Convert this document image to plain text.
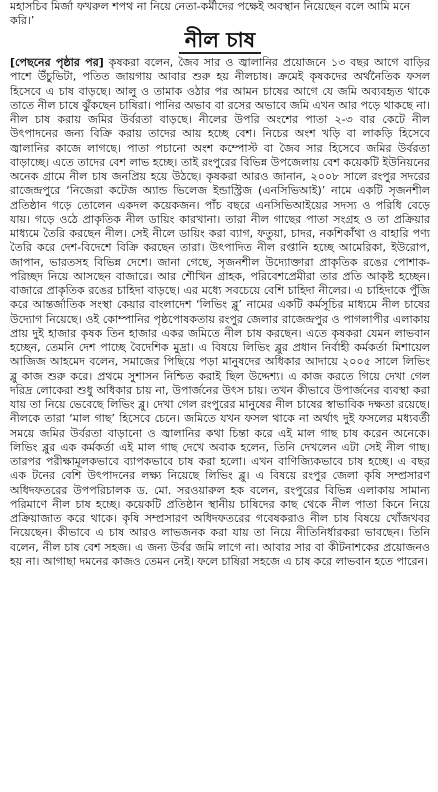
মহাসচিব মির্জা ফখরুল শপথ না নিয়ে নেতা-কর্মীদের পক্ষেই অবস্থান নিয়েছেন বলে আমি মনে করি।’

নীল চাষ

[পেছনের পৃষ্ঠার পর] কৃষকরা বলেন, জৈব সার ও জ্বালানির প্রয়োজনে ১৩ বছর আগে বাড়ির পাশে উঁচুভিটা, পতিত জায়গায় আবার শুরু হয় নীলচাষ। ক্রমেই কৃষকদের অর্থনৈতিক ফসল হিসেবে এ চাষ বাড়ছে। আলু ও তামাক ওঠার পর আমন চাষের আগে যে জমি অব্যবহৃত থাকে তাতে নীল চাষে ঝুঁকছেন চাষিরা। পানির অভাব বা রসের অভাবে জমি এখন আর পড়ে থাকছে না। নীল চাষ করায় জমির উর্বরতা বাড়ছে। নীলের উপরি অংশের পাতা ২-৩ বার কেটে নীল উৎপাদনের জন্য বিক্রি করায় তাদের আয় হচ্ছে বেশ। নিচের অংশ খড়ি বা লাকড়ি হিসেবে জ্বালানির কাজে লাগছে। পাতা পচানো অংশ কম্পোস্ট বা জৈব সার হিসেবে জমির উর্বরতা বাড়াচ্ছে। এতে তাদের বেশ লাভ হচ্ছে। তাই রংপুরের বিভিন্ন উপজেলায় বেশ কয়েকটি ইউনিয়নের অনেক গ্রামে নীল চাষ জনপ্রিয় হয়ে উঠছে। কৃষকরা আরও জানান, ২০০৮ সালে রংপুর সদরের রাজেন্দ্রপুরে ‘নিজেরা কটেজ অ্যান্ড ভিলেজ ইন্ডাস্ট্রিজ (এনসিভিআই)’ নামে একটি সৃজনশীল প্রতিষ্ঠান গড়ে তোলেন একদল কয়েকজন। পাঁচ বছরে এনসিভিআইয়ের সদস্য ও পরিধি বেড়ে যায়। গড়ে ওঠে প্রাকৃতিক নীল ডায়িং কারখানা। তারা নীল গাছের পাতা সংগ্রহ ও তা প্রক্রিয়ার মাধ্যমে তৈরি করছেন নীল। সেই নীলে ডায়িং করা ব্যাগ, ফতুয়া, চাদর, নকশিকাঁথা ও বাহারি পণ্য তৈরি করে দেশ-বিদেশে বিক্রি করছেন তারা। উৎপাদিত নীল রপ্তানি হচ্ছে আমেরিকা, ইউরোপ, জাপান, ভারতসহ বিভিন্ন দেশে। জানা গেছে, সৃজনশীল উদ্যোক্তারা প্রাকৃতিক রঙের পোশাক-পরিচ্ছদ নিয়ে আসছেন বাজারে। আর শৌখিন গ্রাহক, পরিবেশপ্রেমীরা তার প্রতি আকৃষ্ট হচ্ছেন। বাজারে প্রাকৃতিক রঙের চাহিদা বাড়ছে। এর মধ্যে সবচেয়ে বেশি চাহিদা নীলের। এ চাহিদাকে পুঁজি করে আন্তর্জাতিক সংস্থা কেয়ার বাংলাদেশ ‘লিভিং ব্লু’ নামের একটি কর্মসূচির মাধ্যমে নীল চাষের উদ্যোগ নিয়েছে। ওই কোম্পানির পৃষ্ঠপোষকতায় রংপুর জেলার রাজেন্দ্রপুর ও পাগলাপীর এলাকায় প্রায় দুই হাজার কৃষক তিন হাজার একর জমিতে নীল চাষ করছেন। এতে কৃষকরা যেমন লাভবান হচ্ছেন, তেমনি দেশ পাচ্ছে বৈদেশিক মুদ্রা। এ বিষয়ে লিভিং ব্লুর প্রধান নির্বাহী কর্মকর্তা মিশায়েল আজিজ আহমেদ বলেন, সমাজের পিছিয়ে পড়া মানুষদের অধিকার আদায়ে ২০০৫ সালে লিভিং ব্লু কাজ শুরু করে। প্রথমে সুশাসন নিশ্চিত করাই ছিল উদ্দেশ্য। এ কাজ করতে গিয়ে দেখা গেল দরিদ্র লোকেরা শুধু অধিকার চায় না, উপার্জনের উৎস চায়। তখন কীভাবে উপার্জনের ব্যবস্থা করা যায় তা নিয়ে ভেবেছে লিভিং ব্লু। দেখা গেল রংপুরের মানুষের নীল চাষের স্বাভাবিক দক্ষতা রয়েছে। নীলকে তারা ‘মাল গাছ’ হিসেবে চেনে। জমিতে যখন ফসল থাকে না অর্থাৎ দুই ফসলের মধ্যবর্তী সময়ে জমির উর্বরতা বাড়ানো ও জ্বালানির কথা চিন্তা করে এই মাল গাছ চাষ করেন অনেকে। লিভিং ব্লুর এক কর্মকর্তা এই মাল গাছ দেখে অবাক হলেন, তিনি দেখলেন এটা সেই নীল গাছ। তারপর পরীক্ষামূলকভাবে ব্যাপকভাবে চাষ করা হলো। এখন বাণিজ্যিকভাবে চাষ হচ্ছে। এ বছর এক টনের বেশি উৎপাদনের লক্ষ্য নিয়েছে লিভিং ব্লু। এ বিষয়ে রংপুর জেলা কৃষি সম্প্রসারণ অধিদফতরের উপপরিচালক ড. মো. সরওয়ারুল হক বলেন, রংপুরের বিভিন্ন এলাকায় সামান্য পরিমাণে নীল চাষ হচ্ছে। কয়েকটি প্রতিষ্ঠান স্থানীয় চাষিদের কাছ থেকে নীল পাতা কিনে নিয়ে প্রক্রিয়াজাত করে থাকে। কৃষি সম্প্রসারণ অধিদফতরের গবেষকরাও নীল চাষ বিষয়ে খোঁজখবর নিয়েছেন। কীভাবে এ চাষ আরও লাভজনক করা যায় তা নিয়ে নীতিনির্ধারকরা ভাবছেন। তিনি বলেন, নীল চাষ বেশ সহজ। এ জন্য উর্বর জমি লাগে না। আবার সার বা কীটনাশকের প্রয়োজনও হয় না। আগাছা দমনের কাজও তেমন নেই। ফলে চাষিরা সহজে এ চাষ করে লাভবান হতে পারেন।
